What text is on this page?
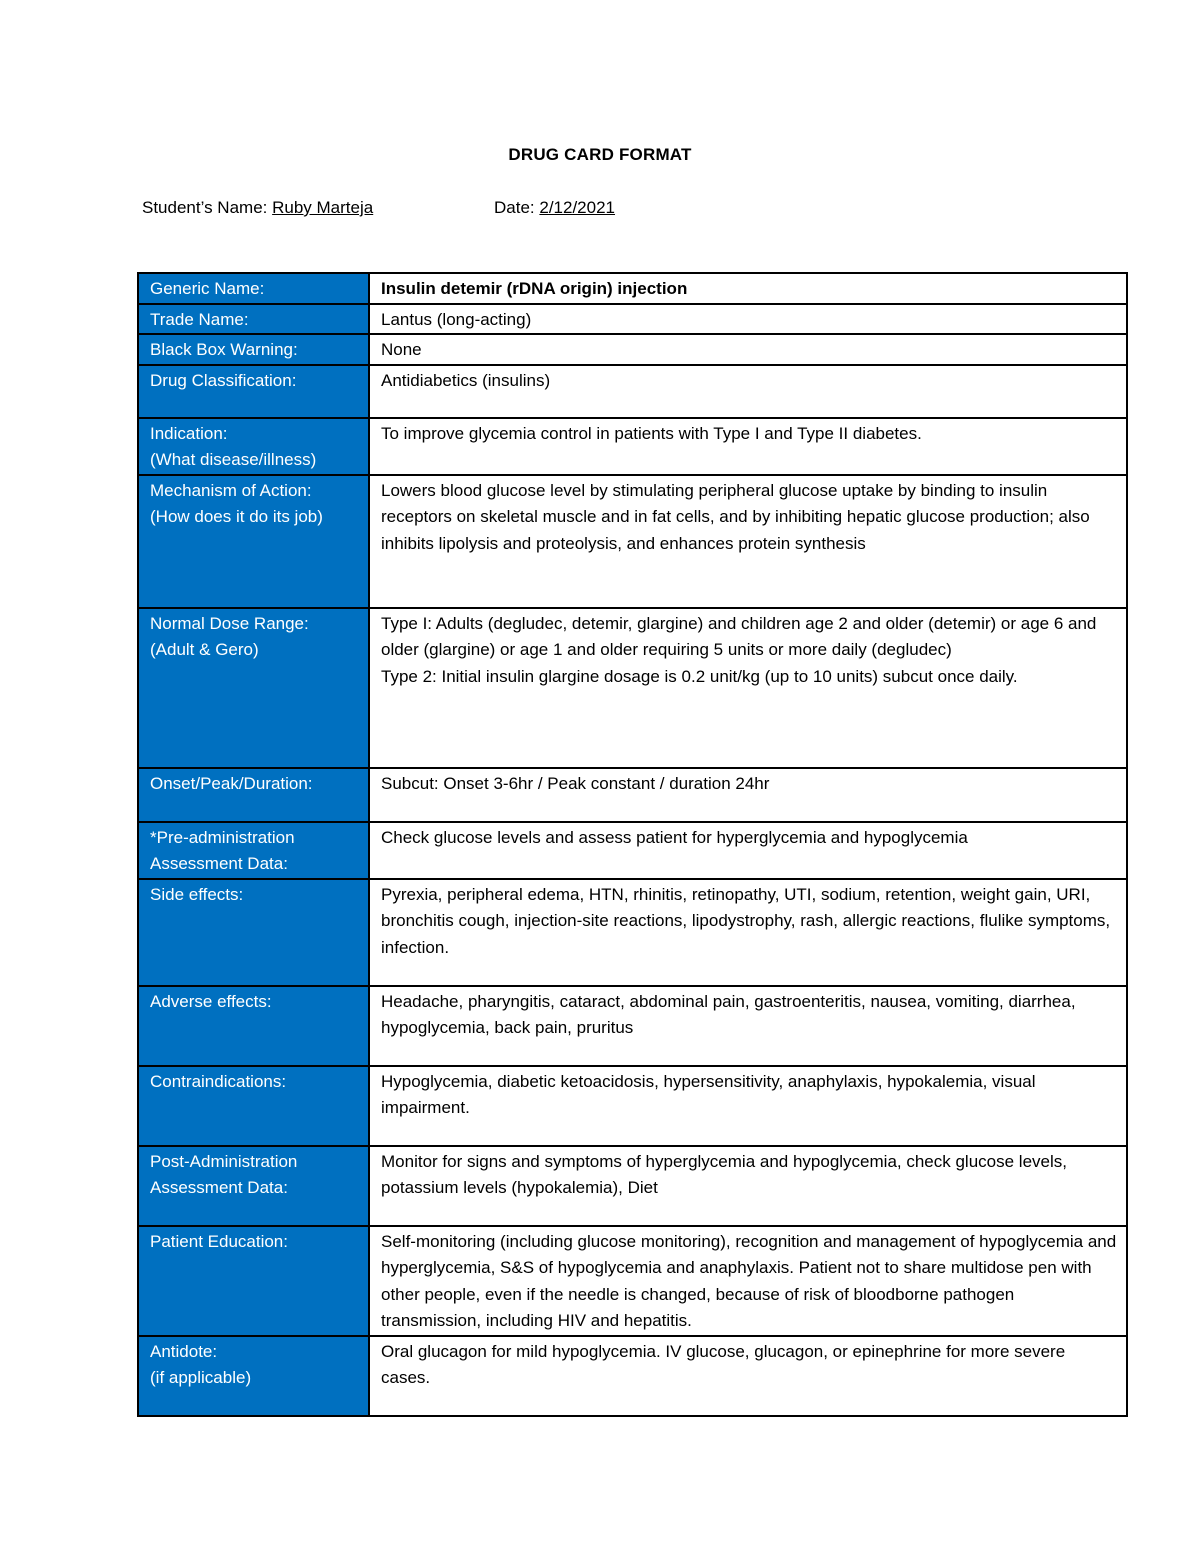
DRUG CARD FORMAT
Student’s Name: Ruby Marteja	Date: 2/12/2021
Generic Name:	Insulin detemir (rDNA origin) injection
Trade Name:	Lantus (long-acting)
Black Box Warning:	None
Drug Classification:	Antidiabetics (insulins)

Indication:
(What disease/illness)	To improve glycemia control in patients with Type I and Type II diabetes.

Mechanism of Action:
(How does it do its job)	Lowers blood glucose level by stimulating peripheral glucose uptake by binding to insulin receptors on skeletal muscle and in fat cells, and by inhibiting hepatic glucose production; also inhibits lipolysis and proteolysis, and enhances protein synthesis

Normal Dose Range:
(Adult & Gero)	Type I: Adults (degludec, detemir, glargine) and children age 2 and older (detemir) or age 6 and older (glargine) or age 1 and older requiring 5 units or more daily (degludec)
Type 2: Initial insulin glargine dosage is 0.2 unit/kg (up to 10 units) subcut once daily.

Onset/Peak/Duration:	Subcut: Onset 3-6hr / Peak constant / duration 24hr

*Pre-administration
Assessment Data:	Check glucose levels and assess patient for hyperglycemia and hypoglycemia
Side effects:	Pyrexia, peripheral edema, HTN, rhinitis, retinopathy, UTI, sodium, retention, weight gain, URI, bronchitis cough, injection-site reactions, lipodystrophy, rash, allergic reactions, flulike symptoms, infection.
Adverse effects:	Headache, pharyngitis, cataract, abdominal pain, gastroenteritis, nausea, vomiting, diarrhea, hypoglycemia, back pain, pruritus
Contraindications:	Hypoglycemia, diabetic ketoacidosis, hypersensitivity, anaphylaxis, hypokalemia, visual impairment.

Post-Administration
Assessment Data:	Monitor for signs and symptoms of hyperglycemia and hypoglycemia, check glucose levels, potassium levels (hypokalemia), Diet
Patient Education:	Self-monitoring (including glucose monitoring), recognition and management of hypoglycemia and hyperglycemia, S&S of hypoglycemia and anaphylaxis. Patient not to share multidose pen with other people, even if the needle is changed, because of risk of bloodborne pathogen transmission, including HIV and hepatitis.

Antidote:
(if applicable)	Oral glucagon for mild hypoglycemia. IV glucose, glucagon, or epinephrine for more severe cases.
